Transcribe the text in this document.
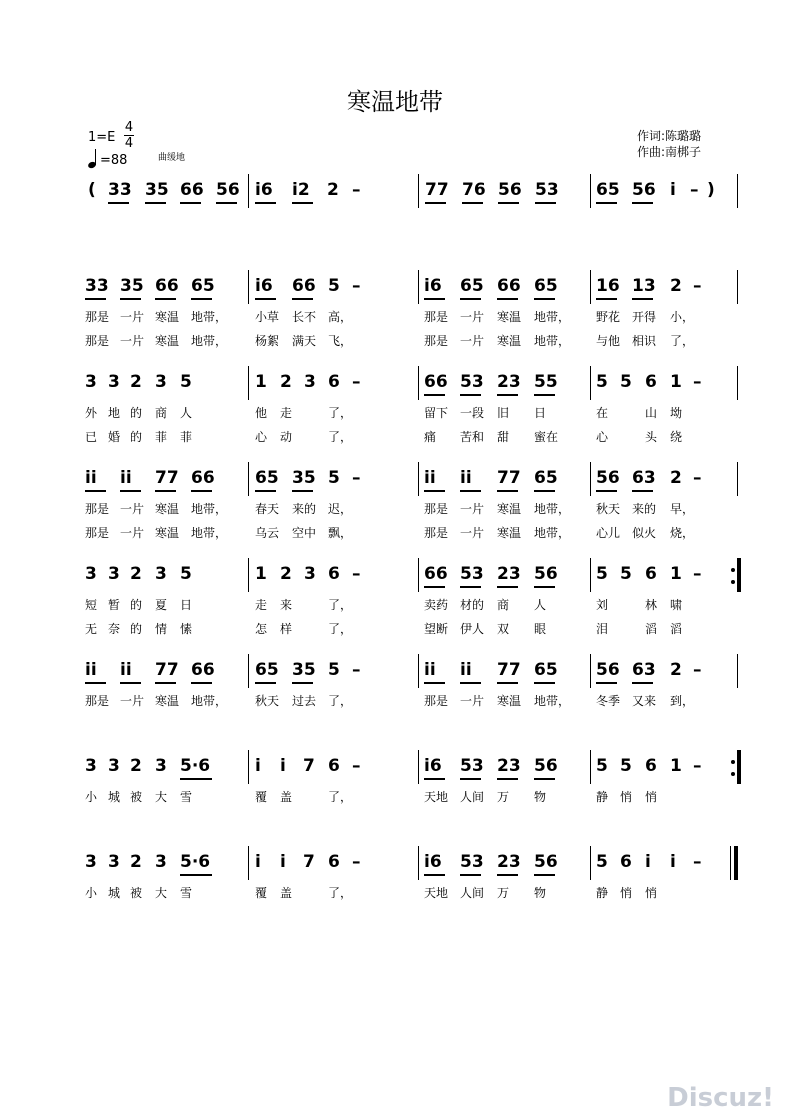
寒温地带
1=E
4
4
=88	曲缓地
作词:陈璐璐
作曲:南梆子
( 33 35 66 56 i6 i2 2 –	77 76 56 53 65 56 i – )
33 35 66 65 i6 66 5 –	i6 65 66 65 16 13 2 –
那是 一片 寒温 地带， 小草 长不 高，	那是 一片 寒温 地带， 野花 开得 小，
那是 一片 寒温 地带， 杨絮 满天 飞，	那是 一片 寒温 地带， 与他 相识 了，
3 3 2 3 5	1 2 3 6 –	66 53 23 55 5 5 6 1 –
外 地 的 商 人	他 走	了，	留下 一段 旧 日	在	山 坳
已 婚 的 菲 菲	心 动	了，	痛 苦和 甜 蜜在	心	头 绕
ii ii 77 66 65 35 5 –	ii ii 77 65 56 63 2 –
那是 一片 寒温 地带， 春天 来的 迟，	那是 一片 寒温 地带， 秋天 来的 早，
那是 一片 寒温 地带， 乌云 空中 飘，	那是 一片 寒温 地带， 心儿 似火 烧，
3 3 2 3 5	1 2 3 6 –	66 53 23 56 5 5 6 1 –
短 暂 的 夏 日	走 来	了，	卖药 材的 商 人	刘	林 啸
无 奈 的 情 愫	怎 样	了，	望断 伊人 双 眼	泪	滔 滔
ii ii 77 66 65 35 5 –	ii ii 77 65 56 63 2 –
那是 一片 寒温 地带， 秋天 过去 了，	那是 一片 寒温 地带， 冬季 又来 到，
3 3 2 3 5·6	i i 7 6 –	i6 53 23 56 5 5 6 1 –
小 城 被 大 雪	覆 盖	了，	天地 人间 万 物	静 悄 悄
3 3 2 3 5·6	i i 7 6 –	i6 53 23 56 5 6 i i –
小 城 被 大 雪	覆 盖	了，	天地 人间 万 物	静 悄 悄
Discuz!
